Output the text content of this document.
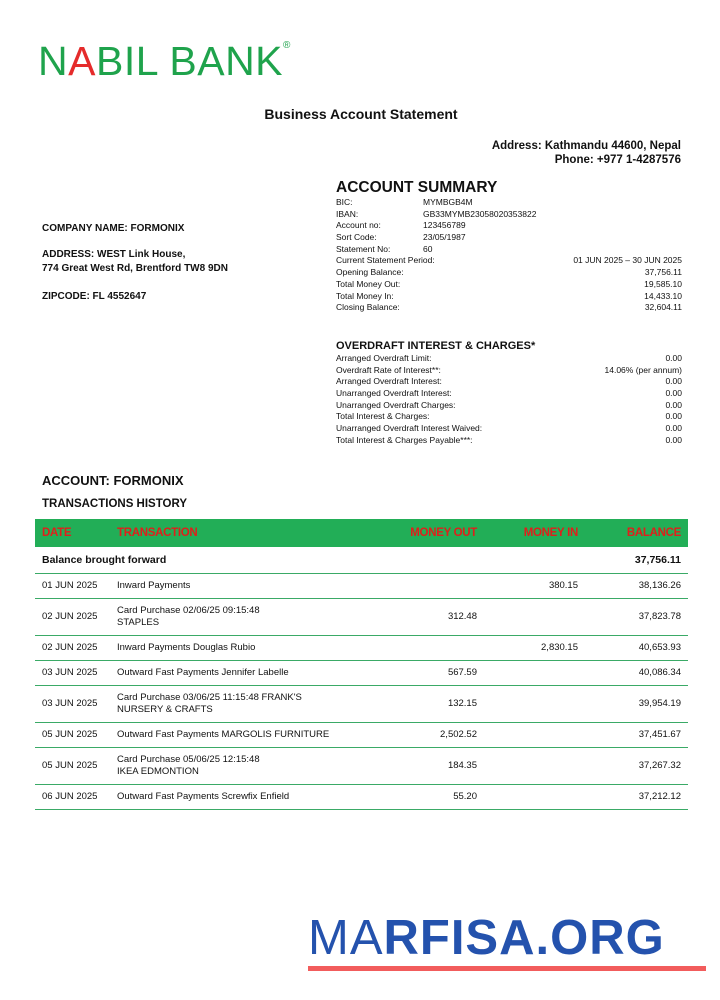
NABIL BANK®
Business Account Statement
Address: Kathmandu 44600, Nepal
Phone: +977 1-4287576
COMPANY NAME: FORMONIX
ADDRESS: WEST Link House,
774 Great West Rd, Brentford TW8 9DN
ZIPCODE: FL 4552647
ACCOUNT SUMMARY
BIC:	MYMBGB4M
IBAN:	GB33MYMB23058020353822
Account no:	123456789
Sort Code:	23/05/1987
Statement No:	60
Current Statement Period:	01 JUN 2025 – 30 JUN 2025
Opening Balance:	37,756.11
Total Money Out:	19,585.10
Total Money In:	14,433.10
Closing Balance:	32,604.11
OVERDRAFT INTEREST & CHARGES*
Arranged Overdraft Limit:	0.00
Overdraft Rate of Interest**:	14.06% (per annum)
Arranged Overdraft Interest:	0.00
Unarranged Overdraft Interest:	0.00
Unarranged Overdraft Charges:	0.00
Total Interest & Charges:	0.00
Unarranged Overdraft Interest Waived:	0.00
Total Interest & Charges Payable***:	0.00
ACCOUNT: FORMONIX
TRANSACTIONS HISTORY
DATE	TRANSACTION	MONEY OUT	MONEY IN	BALANCE
Balance brought forward				37,756.11
01 JUN 2025	Inward Payments		380.15	38,136.26
02 JUN 2025	Card Purchase 02/06/25 09:15:48
STAPLES	312.48		37,823.78
02 JUN 2025	Inward Payments Douglas Rubio		2,830.15	40,653.93
03 JUN 2025	Outward Fast Payments Jennifer Labelle	567.59		40,086.34
03 JUN 2025	Card Purchase 03/06/25 11:15:48 FRANK'S
NURSERY & CRAFTS	132.15		39,954.19
05 JUN 2025	Outward Fast Payments MARGOLIS FURNITURE	2,502.52		37,451.67
05 JUN 2025	Card Purchase 05/06/25 12:15:48
IKEA EDMONTION	184.35		37,267.32
06 JUN 2025	Outward Fast Payments Screwfix Enfield	55.20		37,212.12
MARFISA.ORG
